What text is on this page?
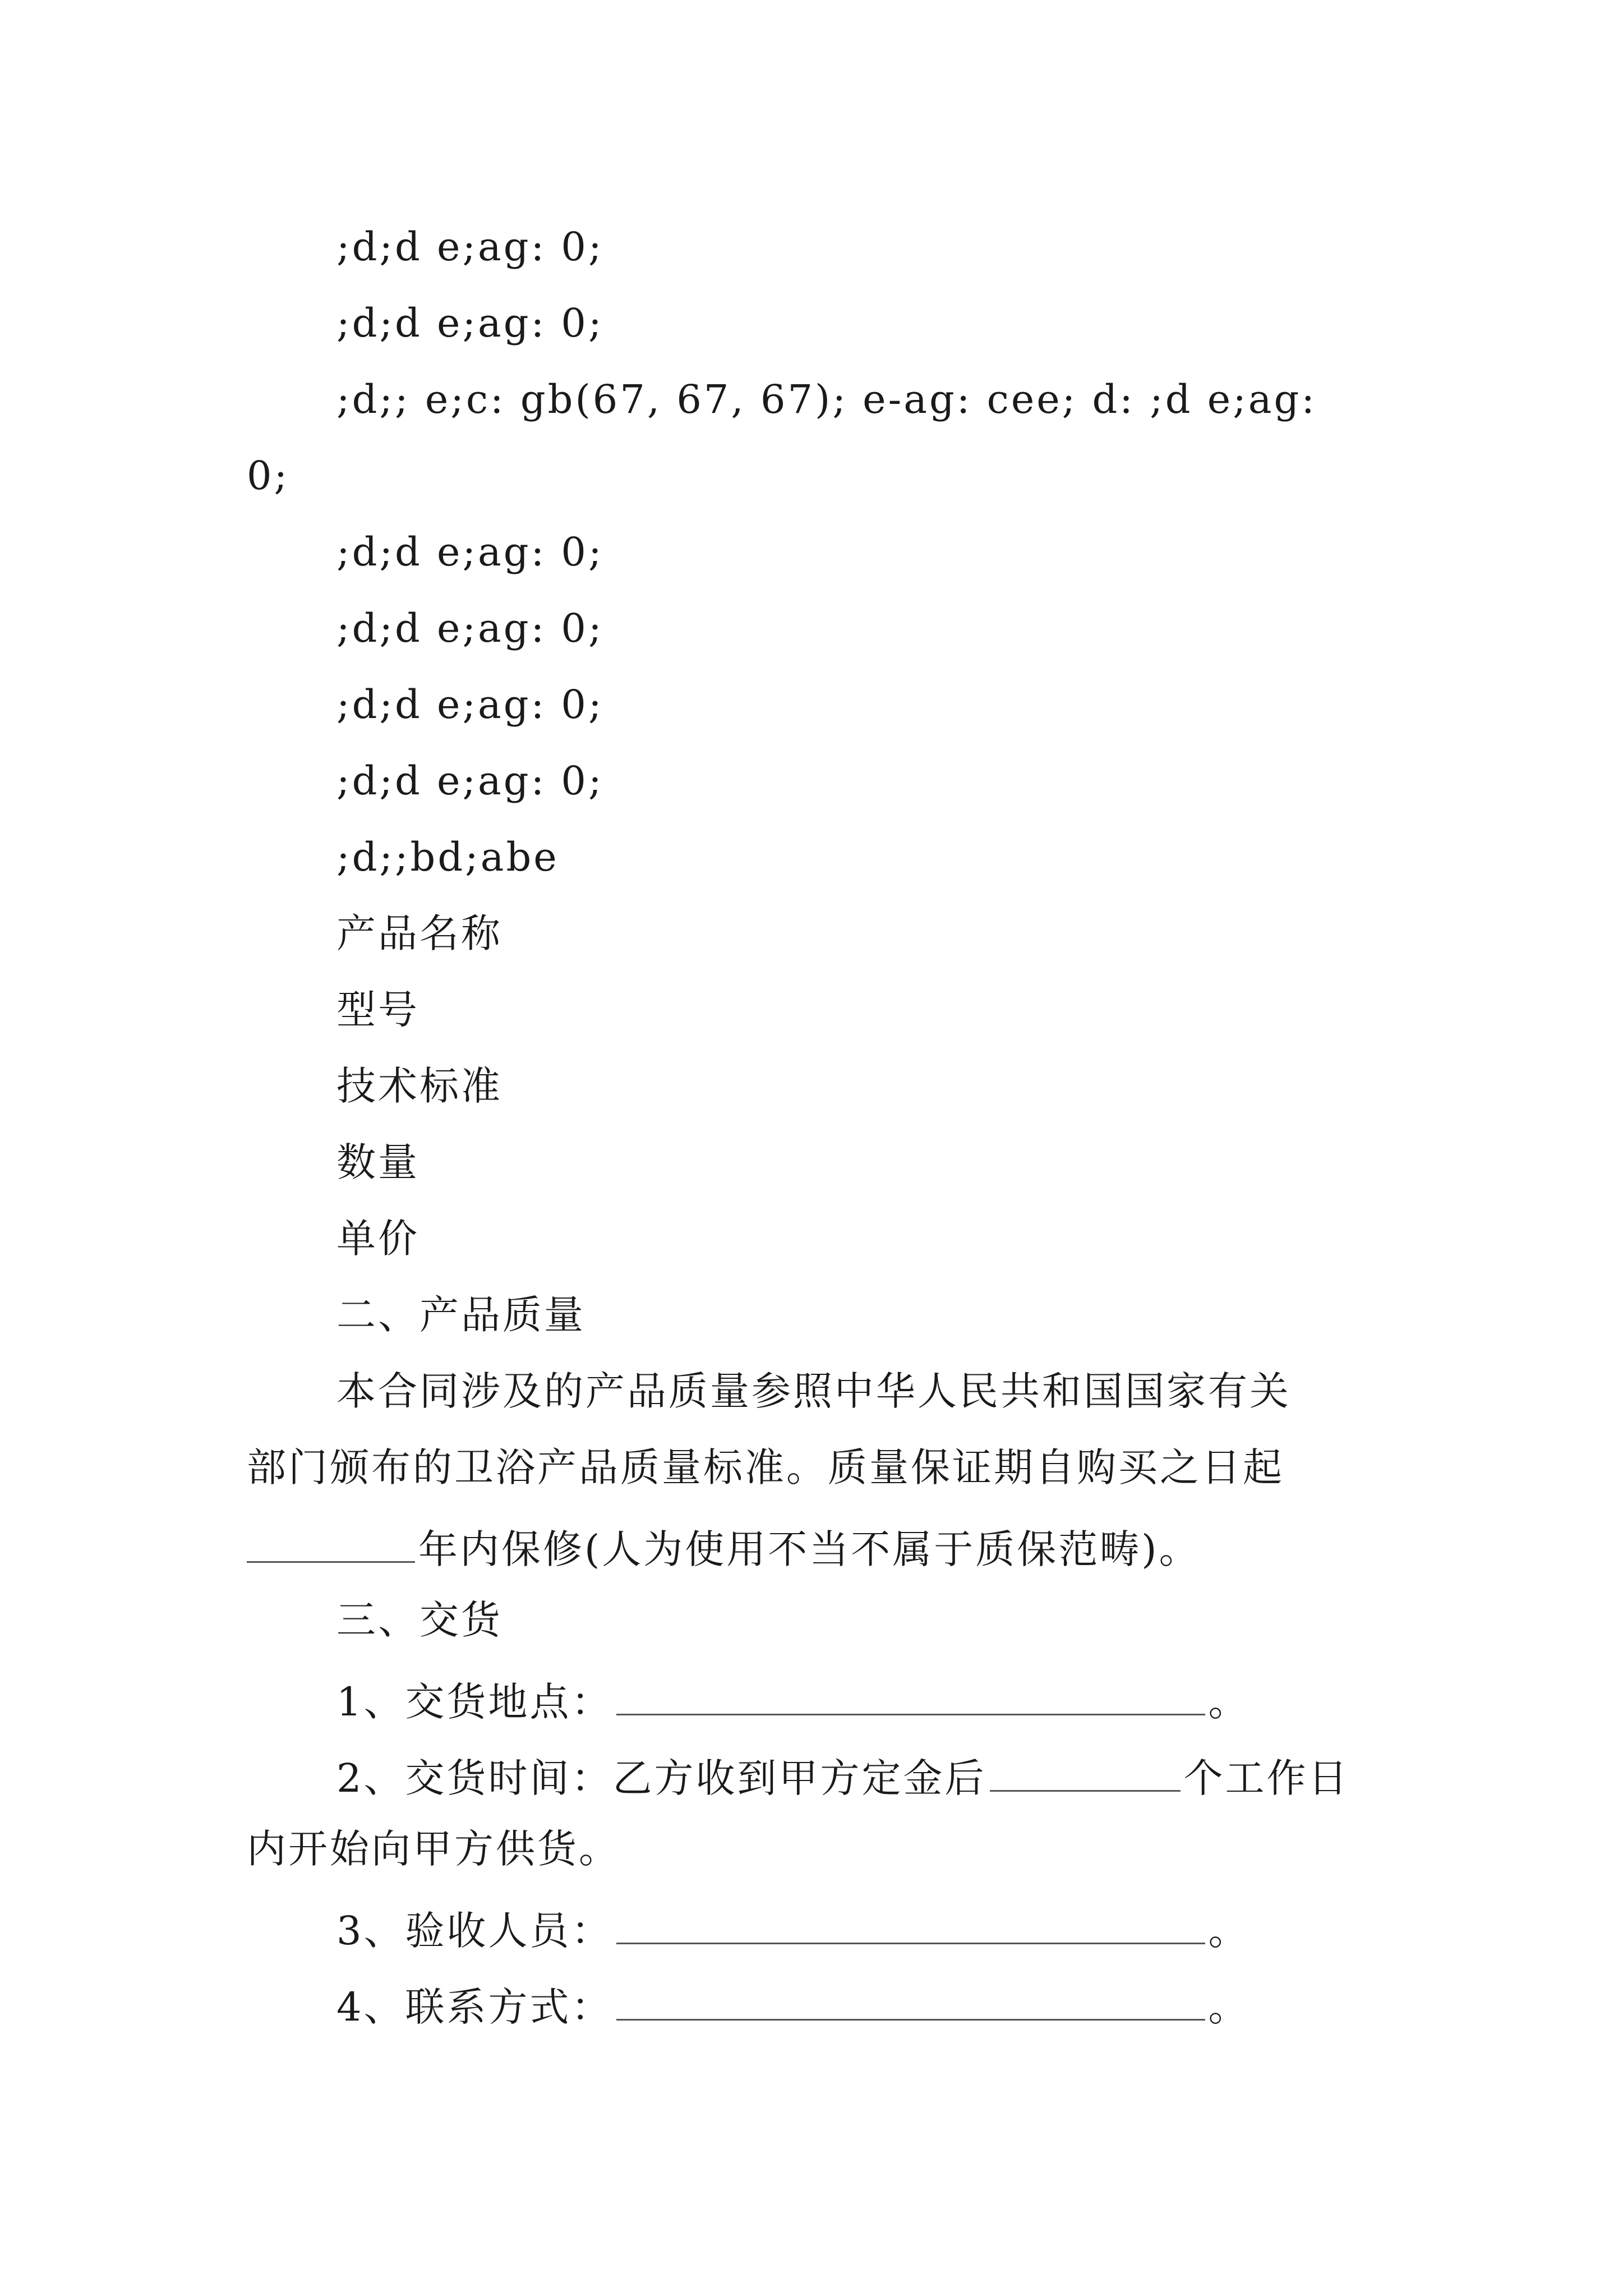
;d;d e;ag: 0;
;d;d e;ag: 0;
;d;; e;c: gb(67, 67, 67); e-ag: cee; d: ;d e;ag:
0;
;d;d e;ag: 0;
;d;d e;ag: 0;
;d;d e;ag: 0;
;d;d e;ag: 0;
;d;;bd;abe
产品名称
型号
技术标准
数量
单价
二、产品质量
本合同涉及的产品质量参照中华人民共和国国家有关
部门颁布的卫浴产品质量标准。质量保证期自购买之日起
年内保修(人为使用不当不属于质保范畴)。
三、交货
1、交货地点：	。
2、交货时间：乙方收到甲方定金后	个工作日
内开始向甲方供货。
3、验收人员：	。
4、联系方式：	。
